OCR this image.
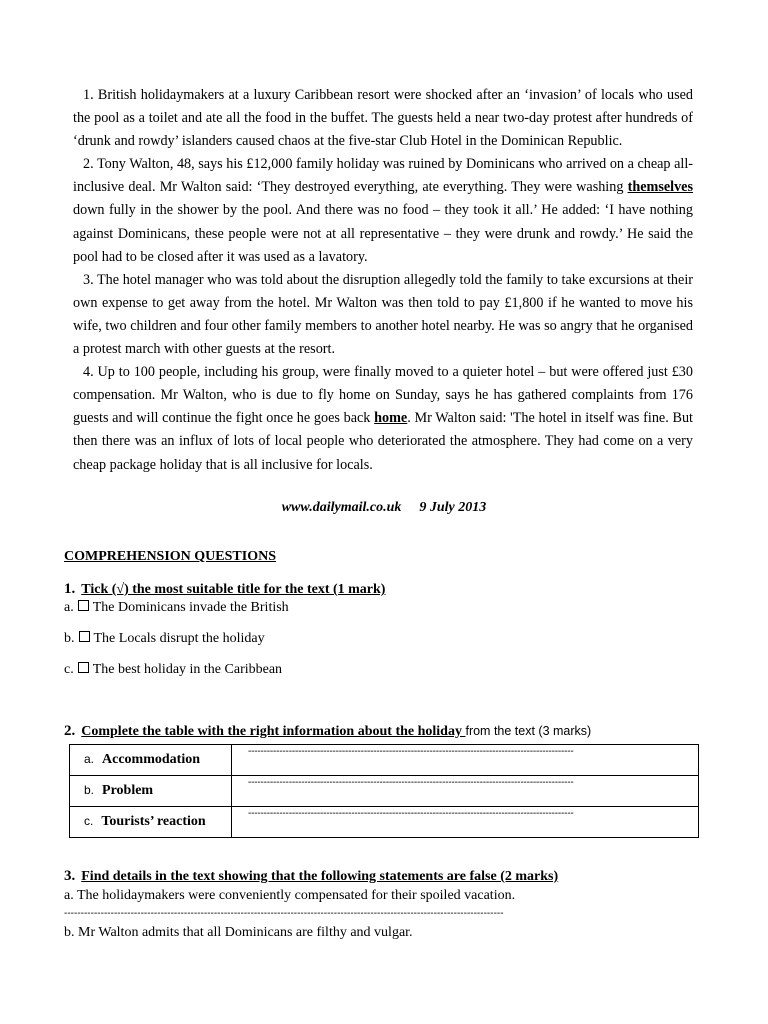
1. British holidaymakers at a luxury Caribbean resort were shocked after an ‘invasion’ of locals who used the pool as a toilet and ate all the food in the buffet. The guests held a near two-day protest after hundreds of ‘drunk and rowdy’ islanders caused chaos at the five-star Club Hotel in the Dominican Republic.

2. Tony Walton, 48, says his £12,000 family holiday was ruined by Dominicans who arrived on a cheap all-inclusive deal. Mr Walton said: ‘They destroyed everything, ate everything. They were washing themselves down fully in the shower by the pool. And there was no food – they took it all.’ He added: ‘I have nothing against Dominicans, these people were not at all representative – they were drunk and rowdy.’ He said the pool had to be closed after it was used as a lavatory.

3. The hotel manager who was told about the disruption allegedly told the family to take excursions at their own expense to get away from the hotel. Mr Walton was then told to pay £1,800 if he wanted to move his wife, two children and four other family members to another hotel nearby. He was so angry that he organised a protest march with other guests at the resort.

4. Up to 100 people, including his group, were finally moved to a quieter hotel – but were offered just £30 compensation. Mr Walton, who is due to fly home on Sunday, says he has gathered complaints from 176 guests and will continue the fight once he goes back home. Mr Walton said: 'The hotel in itself was fine. But then there was an influx of lots of local people who deteriorated the atmosphere. They had come on a very cheap package holiday that is all inclusive for locals.

www.dailymail.co.uk 9 July 2013
COMPREHENSION QUESTIONS
1. Tick (√) the most suitable title for the text (1 mark)
a. The Dominicans invade the British
b. The Locals disrupt the holiday
c. The best holiday in the Caribbean
2. Complete the table with the right information about the holiday from the text (3 marks)
a. Accommodation	--------------------------------------------------------------------------------------------------------

b. Problem	--------------------------------------------------------------------------------------------------------

c. Tourists’ reaction	--------------------------------------------------------------------------------------------------------
3. Find details in the text showing that the following statements are false (2 marks)
a. The holidaymakers were conveniently compensated for their spoiled vacation.
------------------------------------------------------------------------------------------------------------------------------------
b. Mr Walton admits that all Dominicans are filthy and vulgar.
